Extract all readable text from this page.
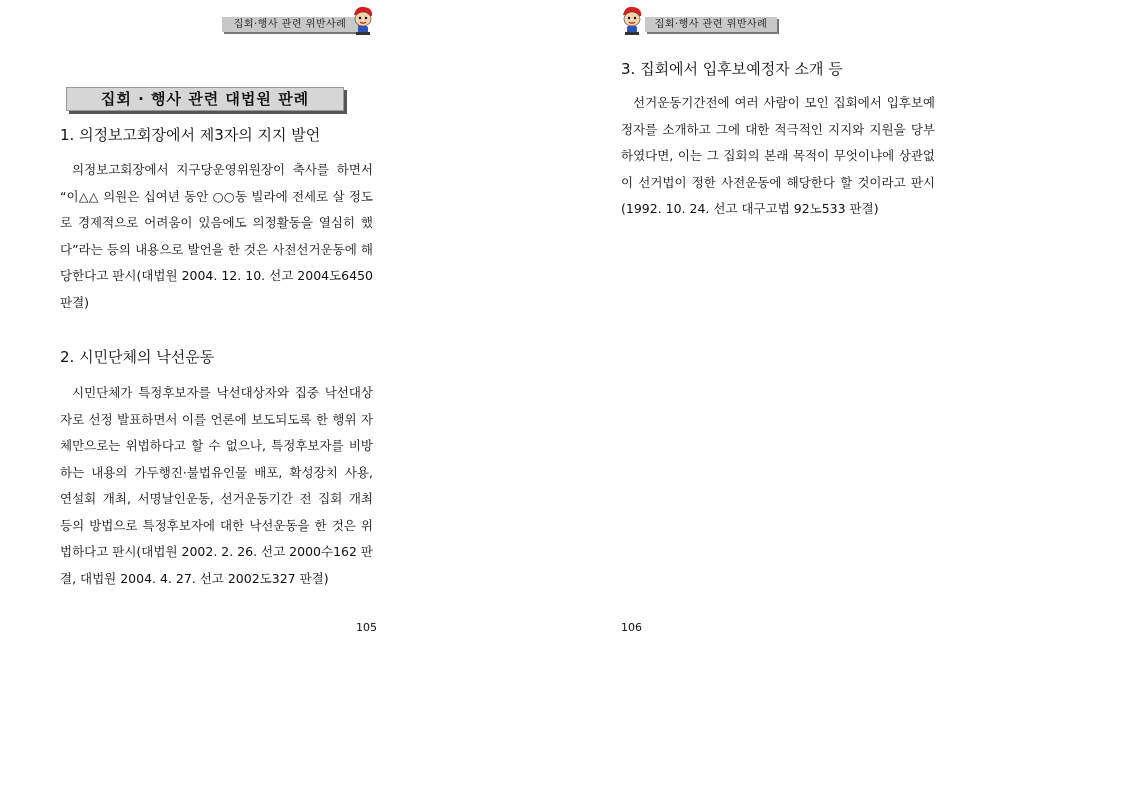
집회·행사 관련 위반사례
집회 · 행사 관련 대법원 판례
1. 의정보고회장에서 제3자의 지지 발언

의정보고회장에서 지구당운영위원장이 축사를 하면서 “이△△ 의원은 십여년 동안 ○○동 빌라에 전세로 살 정도로 경제적으로 어려움이 있음에도 의정활동을 열심히 했다”라는 등의 내용으로 발언을 한 것은 사전선거운동에 해당한다고 판시(대법원 2004. 12. 10. 선고 2004도6450 판결)

2. 시민단체의 낙선운동

시민단체가 특정후보자를 낙선대상자와 집중 낙선대상자로 선정 발표하면서 이를 언론에 보도되도록 한 행위 자체만으로는 위법하다고 할 수 없으나, 특정후보자를 비방하는 내용의 가두행진·불법유인물 배포, 확성장치 사용, 연설회 개최, 서명날인운동, 선거운동기간 전 집회 개최 등의 방법으로 특정후보자에 대한 낙선운동을 한 것은 위법하다고 판시(대법원 2002. 2. 26. 선고 2000수162 판결, 대법원 2004. 4. 27. 선고 2002도327 판결)

105
집회·행사 관련 위반사례
3. 집회에서 입후보예정자 소개 등

선거운동기간전에 여러 사람이 모인 집회에서 입후보예정자를 소개하고 그에 대한 적극적인 지지와 지원을 당부하였다면, 이는 그 집회의 본래 목적이 무엇이냐에 상관없이 선거법이 정한 사전운동에 해당한다 할 것이라고 판시(1992. 10. 24. 선고 대구고법 92노533 판결)

106
